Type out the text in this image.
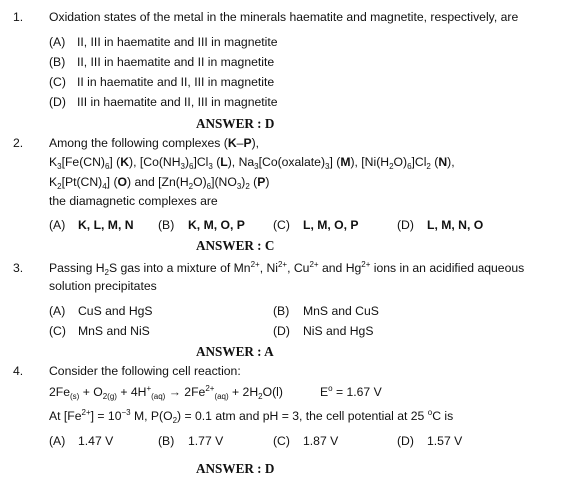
1. Oxidation states of the metal in the minerals haematite and magnetite, respectively, are
(A) II, III in haematite and III in magnetite
(B) II, III in haematite and II in magnetite
(C) II in haematite and II, III in magnetite
(D) III in haematite and II, III in magnetite
ANSWER : D
2. Among the following complexes (K–P),
$K_3[Fe(CN)_6]$ (K), $[Co(NH_3)_6]Cl_3$ (L), $Na_3[Co(oxalate)_3]$ (M), $[Ni(H_2O)_6]Cl_2$ (N),
$K_2[Pt(CN)_4]$ (O) and $[Zn(H_2O)_6](NO_3)_2$ (P)
the diamagnetic complexes are
(A) K, L, M, N (B) K, M, O, P (C) L, M, O, P	(D) L, M, N, O
ANSWER : C
3. Passing $H_2S$ gas into a mixture of $Mn^{2+}$, $Ni^{2+}$, $Cu^{2+}$ and $Hg^{2+}$ ions in an acidified aqueous
solution precipitates
(A) CuS and HgS	(B) MnS and CuS
(C) MnS and NiS	(D) NiS and HgS
ANSWER : A
4. Consider the following cell reaction:
$2Fe_{(s)} + O_{2(g)} + 4H^+_{(aq)} \to 2Fe^{2+}_{(aq)} + 2H_2O(l)$	$E^o = 1.67$ V
At $[Fe^{2+}] = 10^{-3}$ M, $P(O_2) = 0.1$ atm and pH = 3, the cell potential at 25 $^o$C is
(A) 1.47 V	(B) 1.77 V	(C) 1.87 V	(D) 1.57 V
ANSWER : D
